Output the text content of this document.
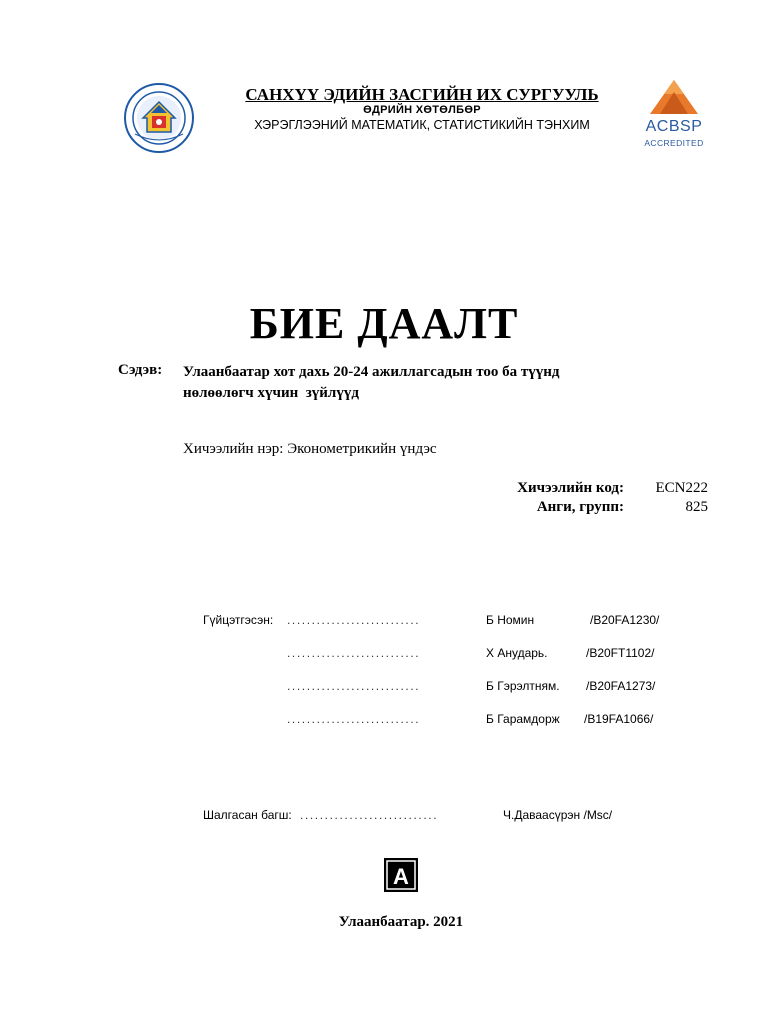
САНХҮҮ ЭДИЙН ЗАСГИЙН ИХ СУРГУУЛЬ
ӨДРИЙН ХӨТӨЛБӨР
ХЭРЭГЛЭЭНИЙ МАТЕМАТИК, СТАТИСТИКИЙН ТЭНХИМ	ACBSP
ACCREDITED
БИЕ ДААЛТ
Сэдэв: Улаанбаатар хот дахь 20-24 ажиллагсадын тоо ба түүнд
нөлөөлөгч хүчин  зүйлүүд
Хичээлийн нэр: Эконометрикийн үндэс
Хичээлийн код:	ECN222
Анги, групп:	825
Гүйцэтгэсэн: ...........................	Б Номин	/B20FA1230/
...........................	Х Анударь.	/B20FT1102/
...........................	Б Гэрэлтням. /B20FA1273/
...........................	Б Гарамдорж /B19FA1066/
Шалгасан багш: ............................	Ч.Даваасүрэн /Msc/
A
Улаанбаатар. 2021
